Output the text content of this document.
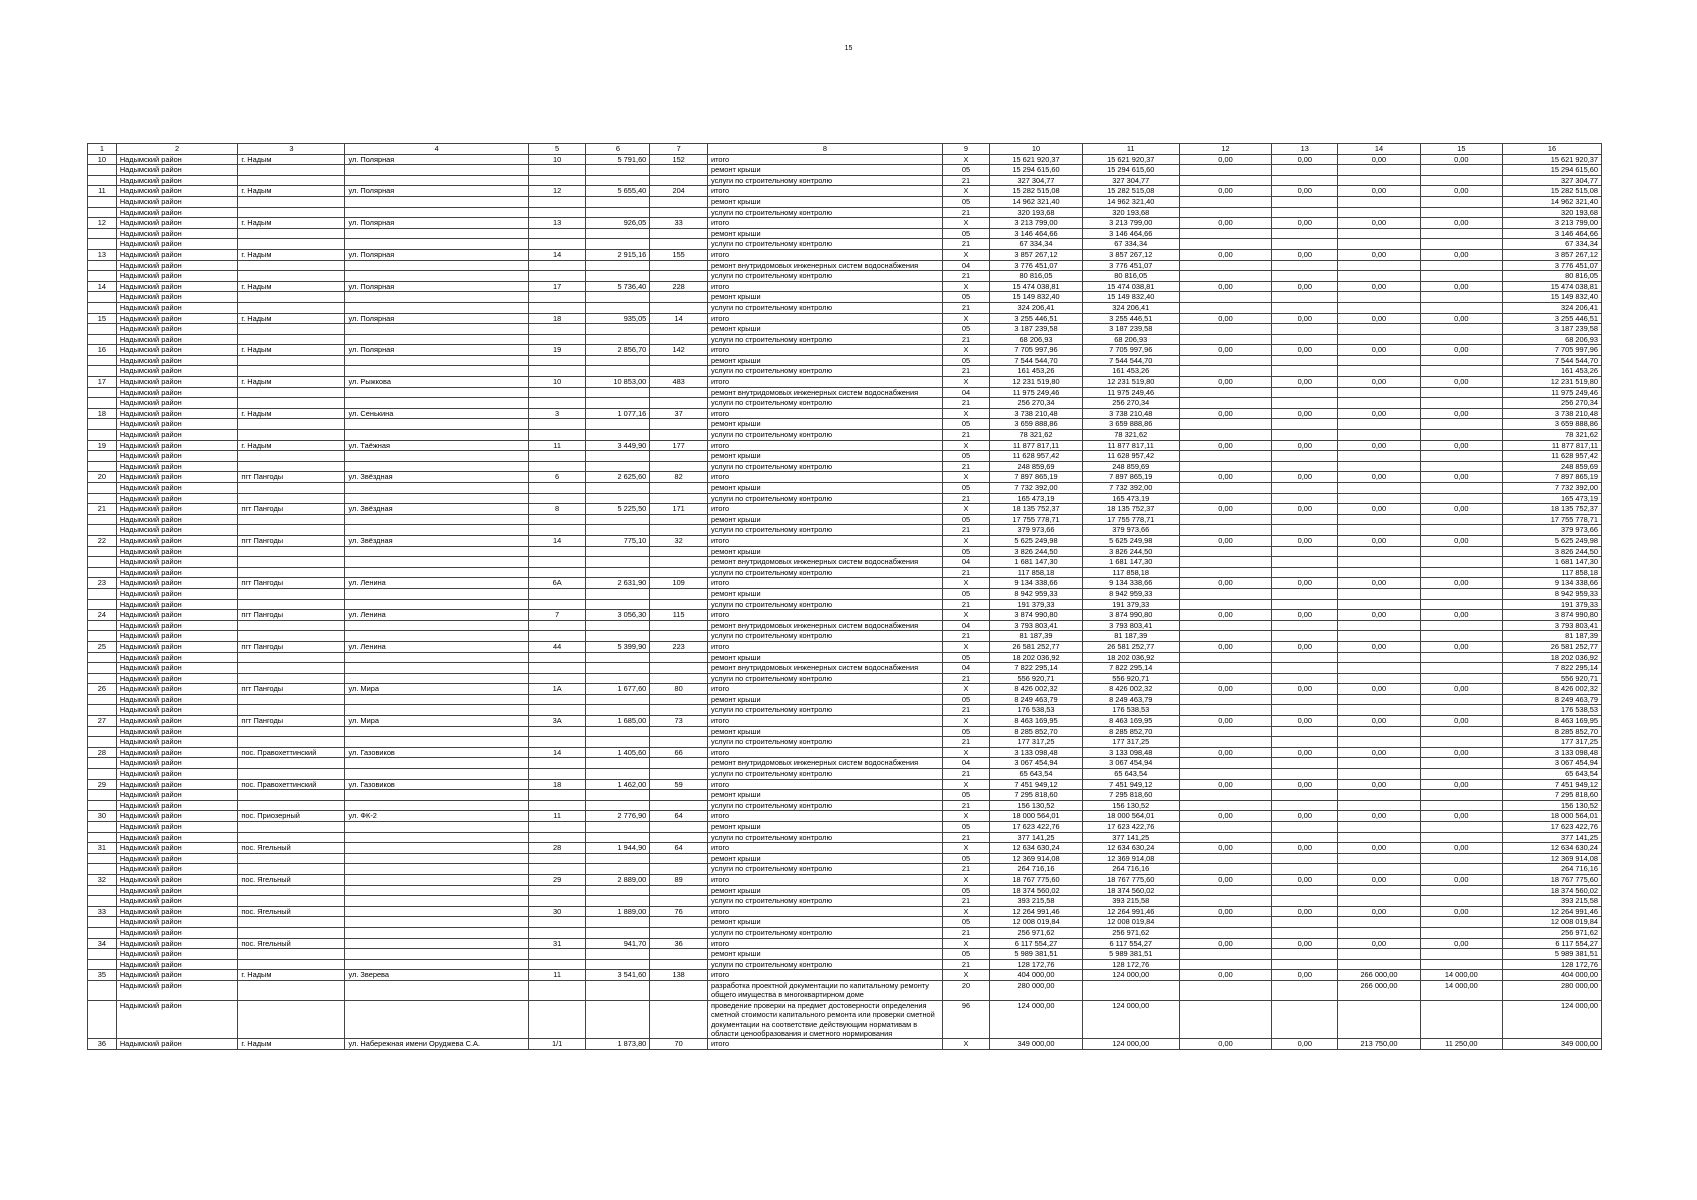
15
1	2	3	4	5	6	7	8	9	10	11	12	13	14	15	16
10	Надымский район	г. Надым	ул. Полярная	10	5 791,60	152	итого	Х	15 621 920,37	15 621 920,37	0,00	0,00	0,00	0,00	15 621 920,37
	Надымский район						ремонт крыши	05	15 294 615,60	15 294 615,60					15 294 615,60
	Надымский район						услуги по строительному контролю	21	327 304,77	327 304,77					327 304,77
11	Надымский район	г. Надым	ул. Полярная	12	5 655,40	204	итого	Х	15 282 515,08	15 282 515,08	0,00	0,00	0,00	0,00	15 282 515,08
	Надымский район						ремонт крыши	05	14 962 321,40	14 962 321,40					14 962 321,40
	Надымский район						услуги по строительному контролю	21	320 193,68	320 193,68					320 193,68
12	Надымский район	г. Надым	ул. Полярная	13	926,05	33	итого	Х	3 213 799,00	3 213 799,00	0,00	0,00	0,00	0,00	3 213 799,00
	Надымский район						ремонт крыши	05	3 146 464,66	3 146 464,66					3 146 464,66
	Надымский район						услуги по строительному контролю	21	67 334,34	67 334,34					67 334,34
13	Надымский район	г. Надым	ул. Полярная	14	2 915,16	155	итого	Х	3 857 267,12	3 857 267,12	0,00	0,00	0,00	0,00	3 857 267,12
	Надымский район						ремонт внутридомовых инженерных систем водоснабжения	04	3 776 451,07	3 776 451,07					3 776 451,07
	Надымский район						услуги по строительному контролю	21	80 816,05	80 816,05					80 816,05
14	Надымский район	г. Надым	ул. Полярная	17	5 736,40	228	итого	Х	15 474 038,81	15 474 038,81	0,00	0,00	0,00	0,00	15 474 038,81
	Надымский район						ремонт крыши	05	15 149 832,40	15 149 832,40					15 149 832,40
	Надымский район						услуги по строительному контролю	21	324 206,41	324 206,41					324 206,41
15	Надымский район	г. Надым	ул. Полярная	18	935,05	14	итого	Х	3 255 446,51	3 255 446,51	0,00	0,00	0,00	0,00	3 255 446,51
	Надымский район						ремонт крыши	05	3 187 239,58	3 187 239,58					3 187 239,58
	Надымский район						услуги по строительному контролю	21	68 206,93	68 206,93					68 206,93
16	Надымский район	г. Надым	ул. Полярная	19	2 856,70	142	итого	Х	7 705 997,96	7 705 997,96	0,00	0,00	0,00	0,00	7 705 997,96
	Надымский район						ремонт крыши	05	7 544 544,70	7 544 544,70					7 544 544,70
	Надымский район						услуги по строительному контролю	21	161 453,26	161 453,26					161 453,26
17	Надымский район	г. Надым	ул. Рыжкова	10	10 853,00	483	итого	Х	12 231 519,80	12 231 519,80	0,00	0,00	0,00	0,00	12 231 519,80
	Надымский район						ремонт внутридомовых инженерных систем водоснабжения	04	11 975 249,46	11 975 249,46					11 975 249,46
	Надымский район						услуги по строительному контролю	21	256 270,34	256 270,34					256 270,34
18	Надымский район	г. Надым	ул. Сенькина	3	1 077,16	37	итого	Х	3 738 210,48	3 738 210,48	0,00	0,00	0,00	0,00	3 738 210,48
	Надымский район						ремонт крыши	05	3 659 888,86	3 659 888,86					3 659 888,86
	Надымский район						услуги по строительному контролю	21	78 321,62	78 321,62					78 321,62
19	Надымский район	г. Надым	ул. Таёжная	11	3 449,90	177	итого	Х	11 877 817,11	11 877 817,11	0,00	0,00	0,00	0,00	11 877 817,11
	Надымский район						ремонт крыши	05	11 628 957,42	11 628 957,42					11 628 957,42
	Надымский район						услуги по строительному контролю	21	248 859,69	248 859,69					248 859,69
20	Надымский район	пгт Пангоды	ул. Звёздная	6	2 625,60	82	итого	Х	7 897 865,19	7 897 865,19	0,00	0,00	0,00	0,00	7 897 865,19
	Надымский район						ремонт крыши	05	7 732 392,00	7 732 392,00					7 732 392,00
	Надымский район						услуги по строительному контролю	21	165 473,19	165 473,19					165 473,19
21	Надымский район	пгт Пангоды	ул. Звёздная	8	5 225,50	171	итого	Х	18 135 752,37	18 135 752,37	0,00	0,00	0,00	0,00	18 135 752,37
	Надымский район						ремонт крыши	05	17 755 778,71	17 755 778,71					17 755 778,71
	Надымский район						услуги по строительному контролю	21	379 973,66	379 973,66					379 973,66
22	Надымский район	пгт Пангоды	ул. Звёздная	14	775,10	32	итого	Х	5 625 249,98	5 625 249,98	0,00	0,00	0,00	0,00	5 625 249,98
	Надымский район						ремонт крыши	05	3 826 244,50	3 826 244,50					3 826 244,50
	Надымский район						ремонт внутридомовых инженерных систем водоснабжения	04	1 681 147,30	1 681 147,30					1 681 147,30
	Надымский район						услуги по строительному контролю	21	117 858,18	117 858,18					117 858,18
23	Надымский район	пгт Пангоды	ул. Ленина	6А	2 631,90	109	итого	Х	9 134 338,66	9 134 338,66	0,00	0,00	0,00	0,00	9 134 338,66
	Надымский район						ремонт крыши	05	8 942 959,33	8 942 959,33					8 942 959,33
	Надымский район						услуги по строительному контролю	21	191 379,33	191 379,33					191 379,33
24	Надымский район	пгт Пангоды	ул. Ленина	7	3 056,30	115	итого	Х	3 874 990,80	3 874 990,80	0,00	0,00	0,00	0,00	3 874 990,80
	Надымский район						ремонт внутридомовых инженерных систем водоснабжения	04	3 793 803,41	3 793 803,41					3 793 803,41
	Надымский район						услуги по строительному контролю	21	81 187,39	81 187,39					81 187,39
25	Надымский район	пгт Пангоды	ул. Ленина	44	5 399,90	223	итого	Х	26 581 252,77	26 581 252,77	0,00	0,00	0,00	0,00	26 581 252,77
	Надымский район						ремонт крыши	05	18 202 036,92	18 202 036,92					18 202 036,92
	Надымский район						ремонт внутридомовых инженерных систем водоснабжения	04	7 822 295,14	7 822 295,14					7 822 295,14
	Надымский район						услуги по строительному контролю	21	556 920,71	556 920,71					556 920,71
26	Надымский район	пгт Пангоды	ул. Мира	1А	1 677,60	80	итого	Х	8 426 002,32	8 426 002,32	0,00	0,00	0,00	0,00	8 426 002,32
	Надымский район						ремонт крыши	05	8 249 463,79	8 249 463,79					8 249 463,79
	Надымский район						услуги по строительному контролю	21	176 538,53	176 538,53					176 538,53
27	Надымский район	пгт Пангоды	ул. Мира	3А	1 685,00	73	итого	Х	8 463 169,95	8 463 169,95	0,00	0,00	0,00	0,00	8 463 169,95
	Надымский район						ремонт крыши	05	8 285 852,70	8 285 852,70					8 285 852,70
	Надымский район						услуги по строительному контролю	21	177 317,25	177 317,25					177 317,25
28	Надымский район	пос. Правохеттинский	ул. Газовиков	14	1 405,60	66	итого	Х	3 133 098,48	3 133 098,48	0,00	0,00	0,00	0,00	3 133 098,48
	Надымский район						ремонт внутридомовых инженерных систем водоснабжения	04	3 067 454,94	3 067 454,94					3 067 454,94
	Надымский район						услуги по строительному контролю	21	65 643,54	65 643,54					65 643,54
29	Надымский район	пос. Правохеттинский	ул. Газовиков	18	1 462,00	59	итого	Х	7 451 949,12	7 451 949,12	0,00	0,00	0,00	0,00	7 451 949,12
	Надымский район						ремонт крыши	05	7 295 818,60	7 295 818,60					7 295 818,60
	Надымский район						услуги по строительному контролю	21	156 130,52	156 130,52					156 130,52
30	Надымский район	пос. Приозерный	ул. ФК-2	11	2 776,90	64	итого	Х	18 000 564,01	18 000 564,01	0,00	0,00	0,00	0,00	18 000 564,01
	Надымский район						ремонт крыши	05	17 623 422,76	17 623 422,76					17 623 422,76
	Надымский район						услуги по строительному контролю	21	377 141,25	377 141,25					377 141,25
31	Надымский район	пос. Ягельный		28	1 944,90	64	итого	Х	12 634 630,24	12 634 630,24	0,00	0,00	0,00	0,00	12 634 630,24
	Надымский район						ремонт крыши	05	12 369 914,08	12 369 914,08					12 369 914,08
	Надымский район						услуги по строительному контролю	21	264 716,16	264 716,16					264 716,16
32	Надымский район	пос. Ягельный		29	2 889,00	89	итого	Х	18 767 775,60	18 767 775,60	0,00	0,00	0,00	0,00	18 767 775,60
	Надымский район						ремонт крыши	05	18 374 560,02	18 374 560,02					18 374 560,02
	Надымский район						услуги по строительному контролю	21	393 215,58	393 215,58					393 215,58
33	Надымский район	пос. Ягельный		30	1 889,00	76	итого	Х	12 264 991,46	12 264 991,46	0,00	0,00	0,00	0,00	12 264 991,46
	Надымский район						ремонт крыши	05	12 008 019,84	12 008 019,84					12 008 019,84
	Надымский район						услуги по строительному контролю	21	256 971,62	256 971,62					256 971,62
34	Надымский район	пос. Ягельный		31	941,70	36	итого	Х	6 117 554,27	6 117 554,27	0,00	0,00	0,00	0,00	6 117 554,27
	Надымский район						ремонт крыши	05	5 989 381,51	5 989 381,51					5 989 381,51
	Надымский район						услуги по строительному контролю	21	128 172,76	128 172,76					128 172,76
35	Надымский район	г. Надым	ул. Зверева	11	3 541,60	138	итого	Х	404 000,00	124 000,00	0,00	0,00	266 000,00	14 000,00	404 000,00
	Надымский район						разработка проектной документации по капитальному ремонту общего имущества в многоквартирном доме	20	280 000,00				266 000,00	14 000,00	280 000,00
	Надымский район						проведение проверки на предмет достоверности определения сметной стоимости капитального ремонта или проверки сметной документации на соответствие действующим нормативам в области ценообразования и сметного нормирования	96	124 000,00	124 000,00					124 000,00
36	Надымский район	г. Надым	ул. Набережная имени Оруджева С.А.	1/1	1 873,80	70	итого	Х	349 000,00	124 000,00	0,00	0,00	213 750,00	11 250,00	349 000,00
